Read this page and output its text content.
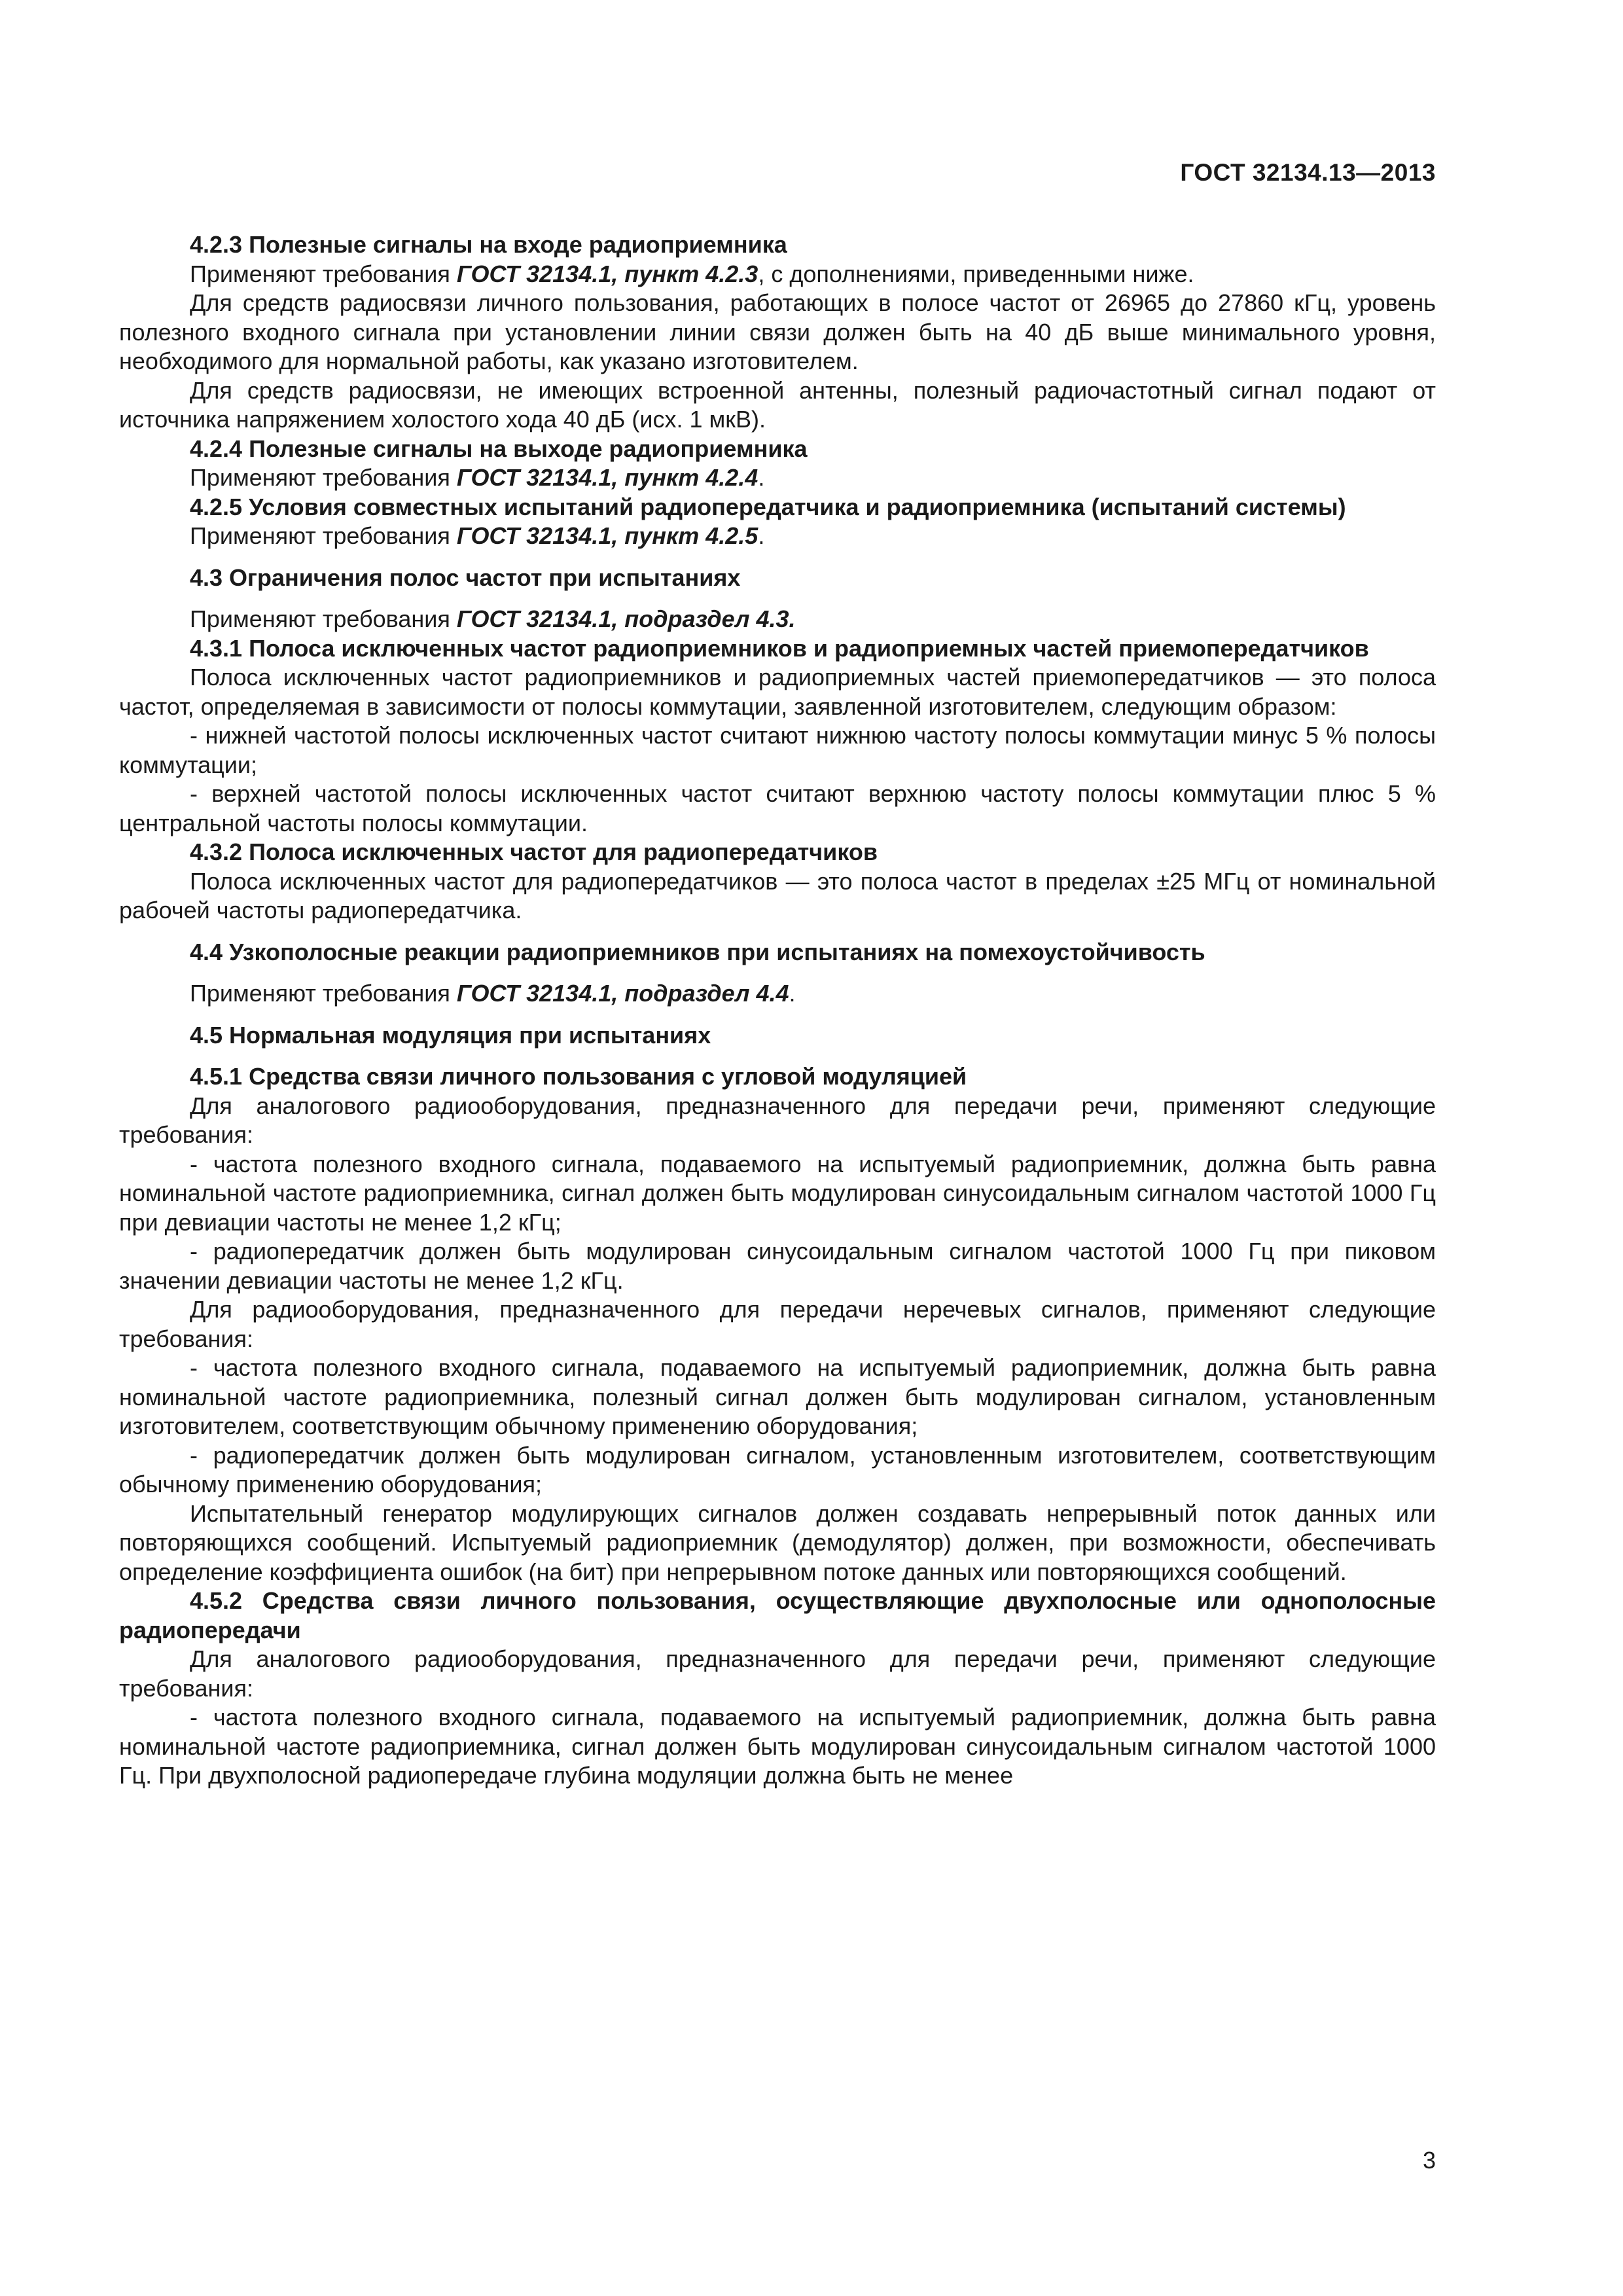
ГОСТ 32134.13—2013

4.2.3 Полезные сигналы на входе радиоприемника

Применяют требования ГОСТ 32134.1, пункт 4.2.3, с дополнениями, приведенными ниже.

Для средств радиосвязи личного пользования, работающих в полосе частот от 26965 до 27860 кГц, уровень полезного входного сигнала при установлении линии связи должен быть на 40 дБ выше минимального уровня, необходимого для нормальной работы, как указано изготовителем.

Для средств радиосвязи, не имеющих встроенной антенны, полезный радиочастотный сигнал подают от источника напряжением холостого хода 40 дБ (исх. 1 мкВ).

4.2.4 Полезные сигналы на выходе радиоприемника

Применяют требования ГОСТ 32134.1, пункт 4.2.4.

4.2.5 Условия совместных испытаний радиопередатчика и радиоприемника (испытаний системы)

Применяют требования ГОСТ 32134.1, пункт 4.2.5.

4.3 Ограничения полос частот при испытаниях

Применяют требования ГОСТ 32134.1, подраздел 4.3.

4.3.1 Полоса исключенных частот радиоприемников и радиоприемных частей приемопередатчиков

Полоса исключенных частот радиоприемников и радиоприемных частей приемопередатчиков — это полоса частот, определяемая в зависимости от полосы коммутации, заявленной изготовителем, следующим образом:

- нижней частотой полосы исключенных частот считают нижнюю частоту полосы коммутации минус 5 % полосы коммутации;

- верхней частотой полосы исключенных частот считают верхнюю частоту полосы коммутации плюс 5 % центральной частоты полосы коммутации.

4.3.2 Полоса исключенных частот для радиопередатчиков

Полоса исключенных частот для радиопередатчиков — это полоса частот в пределах ±25 МГц от номинальной рабочей частоты радиопередатчика.

4.4 Узкополосные реакции радиоприемников при испытаниях на помехоустойчивость

Применяют требования ГОСТ 32134.1, подраздел 4.4.

4.5 Нормальная модуляция при испытаниях

4.5.1 Средства связи личного пользования с угловой модуляцией

Для аналогового радиооборудования, предназначенного для передачи речи, применяют следующие требования:

- частота полезного входного сигнала, подаваемого на испытуемый радиоприемник, должна быть равна номинальной частоте радиоприемника, сигнал должен быть модулирован синусоидальным сигналом частотой 1000 Гц при девиации частоты не менее 1,2 кГц;

- радиопередатчик должен быть модулирован синусоидальным сигналом частотой 1000 Гц при пиковом значении девиации частоты не менее 1,2 кГц.

Для радиооборудования, предназначенного для передачи неречевых сигналов, применяют следующие требования:

- частота полезного входного сигнала, подаваемого на испытуемый радиоприемник, должна быть равна номинальной частоте радиоприемника, полезный сигнал должен быть модулирован сигналом, установленным изготовителем, соответствующим обычному применению оборудования;

- радиопередатчик должен быть модулирован сигналом, установленным изготовителем, соответствующим обычному применению оборудования;

Испытательный генератор модулирующих сигналов должен создавать непрерывный поток данных или повторяющихся сообщений. Испытуемый радиоприемник (демодулятор) должен, при возможности, обеспечивать определение коэффициента ошибок (на бит) при непрерывном потоке данных или повторяющихся сообщений.

4.5.2 Средства связи личного пользования, осуществляющие двухполосные или однополосные радиопередачи

Для аналогового радиооборудования, предназначенного для передачи речи, применяют следующие требования:

- частота полезного входного сигнала, подаваемого на испытуемый радиоприемник, должна быть равна номинальной частоте радиоприемника, сигнал должен быть модулирован синусоидальным сигналом частотой 1000 Гц. При двухполосной радиопередаче глубина модуляции должна быть не менее

3
